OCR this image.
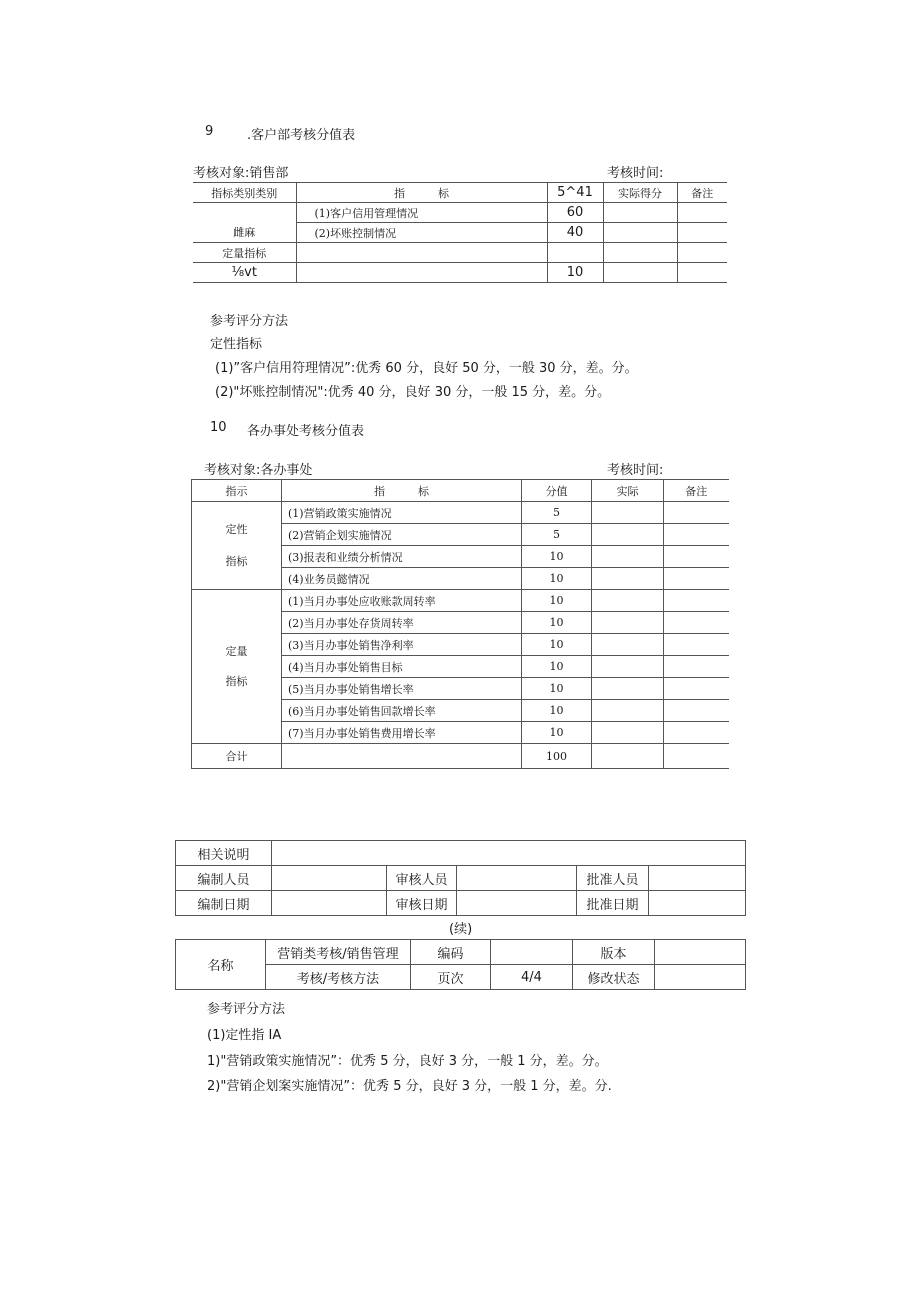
9	.客户部考核分值表
考核对象:销售部	考核时间:
指标类别类别	指　　　标	5^41	实际得分	备注
	(1)客户信用管理情况	60		
雌麻	(2)坏账控制情况	40		
定量指标				
⅛vt		10		
参考评分方法
定性指标
(1)”客户信用符理情况”:优秀 60 分，良好 50 分，一般 30 分，差。分。
(2)"坏账控制情况":优秀 40 分，良好 30 分，一般 15 分，差。分。
10 各办事处考核分值表
考核对象:各办事处	考核时间:
指示	指　　　标	分值	实际	备注

定性
指标	(1)营销政策实施情况	5		
	(2)营销企划实施情况	5		
	(3)报表和业绩分析情况	10		
	(4)业务员懿情况	10		

定量
指标	(1)当月办事处应收账款周转率	10		
	(2)当月办事处存货周转率	10		
	(3)当月办事处销售净利率	10		
	(4)当月办事处销售目标	10		
	(5)当月办事处销售增长率	10		
	(6)当月办事处销售回款增长率	10		
	(7)当月办事处销售费用增长率	10		
合计		100		
相关说明					
编制人员		审核人员		批准人员	
编制日期		审核日期		批准日期	
(续)
名称	营销类考核/销售管理	编码		版本	
	考核/考核方法	页次	4/4	修改状态	
参考评分方法
(1)定性指 IA
1)"营销政策实施情况”：优秀 5 分，良好 3 分，一般 1 分，差。分。
2)"营销企划案实施情况”：优秀 5 分，良好 3 分，一般 1 分，差。分.
